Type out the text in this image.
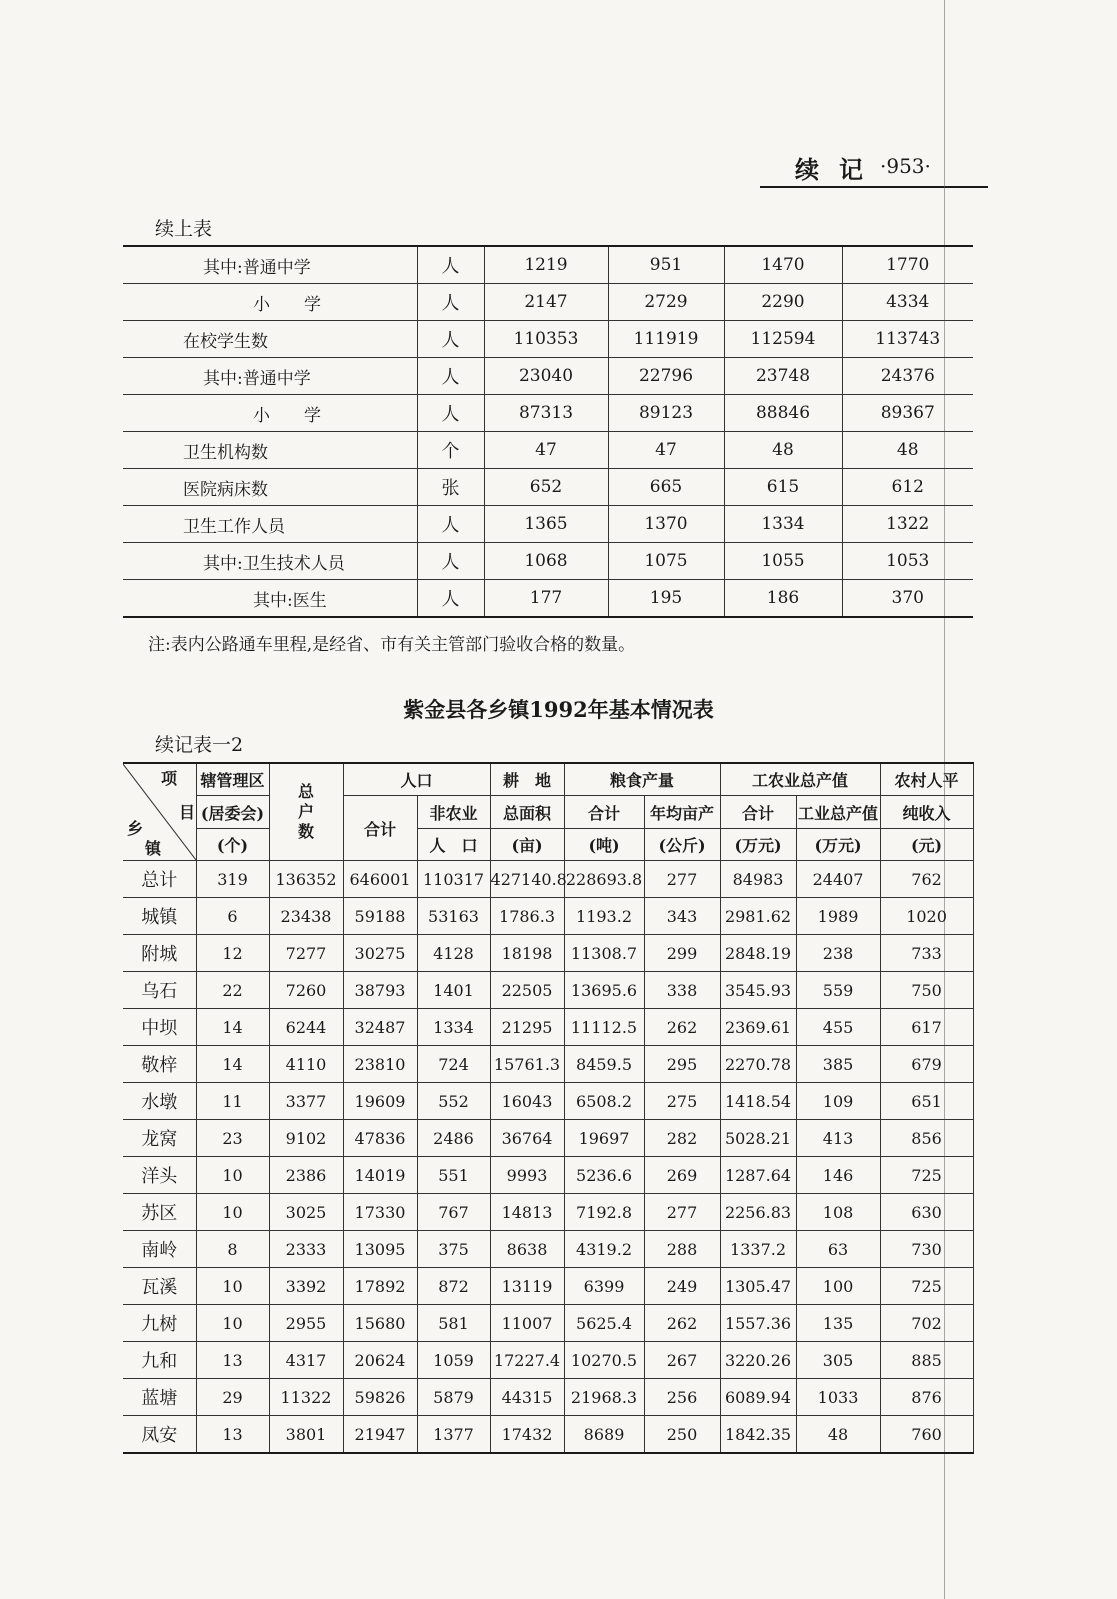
续记
·953·
续上表
其中:普通中学	人	1219	951	1470	1770
小　　学	人	2147	2729	2290	4334
在校学生数	人	110353	111919	112594	113743
其中:普通中学	人	23040	22796	23748	24376
小　　学	人	87313	89123	88846	89367
卫生机构数	个	47	47	48	48
医院病床数	张	652	665	615	612
卫生工作人员	人	1365	1370	1334	1322
其中:卫生技术人员	人	1068	1075	1055	1053
其中:医生	人	177	195	186	370
注:表内公路通车里程,是经省、市有关主管部门验收合格的数量。
紫金县各乡镇1992年基本情况表
续记表一2
项
目
乡
镇	辖管理区	总户数	人口		耕　地	粮食产量		工农业总产值		农村人平
	(居委会)		合计	非农业	总面积	合计	年均亩产	合计	工业总产值	纯收入
	(个)			人　口	(亩)	(吨)	(公斤)	(万元)	(万元)	(元)
总计	319	136352	646001	110317	427140.8	228693.8	277	84983	24407	762
城镇	6	23438	59188	53163	1786.3	1193.2	343	2981.62	1989	1020
附城	12	7277	30275	4128	18198	11308.7	299	2848.19	238	733
乌石	22	7260	38793	1401	22505	13695.6	338	3545.93	559	750
中坝	14	6244	32487	1334	21295	11112.5	262	2369.61	455	617
敬梓	14	4110	23810	724	15761.3	8459.5	295	2270.78	385	679
水墩	11	3377	19609	552	16043	6508.2	275	1418.54	109	651
龙窝	23	9102	47836	2486	36764	19697	282	5028.21	413	856
洋头	10	2386	14019	551	9993	5236.6	269	1287.64	146	725
苏区	10	3025	17330	767	14813	7192.8	277	2256.83	108	630
南岭	8	2333	13095	375	8638	4319.2	288	1337.2	63	730
瓦溪	10	3392	17892	872	13119	6399	249	1305.47	100	725
九树	10	2955	15680	581	11007	5625.4	262	1557.36	135	702
九和	13	4317	20624	1059	17227.4	10270.5	267	3220.26	305	885
蓝塘	29	11322	59826	5879	44315	21968.3	256	6089.94	1033	876
凤安	13	3801	21947	1377	17432	8689	250	1842.35	48	760
